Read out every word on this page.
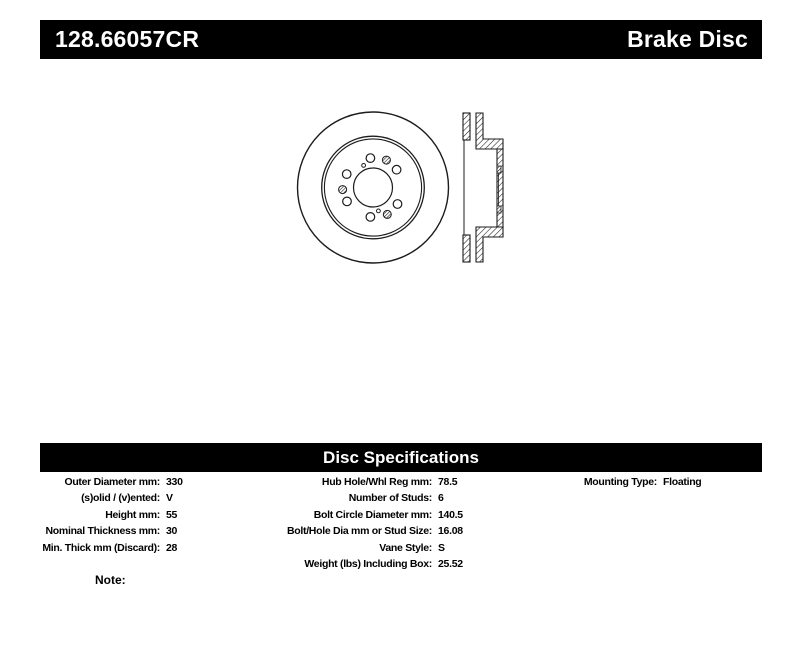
128.66057CR	Brake Disc
Disc Specifications
Outer Diameter mm: 330
(s)olid / (v)ented: V
Height mm: 55
Nominal Thickness mm: 30
Min. Thick mm (Discard): 28
Hub Hole/Whl Reg mm: 78.5
Number of Studs: 6
Bolt Circle Diameter mm: 140.5
Bolt/Hole Dia mm or Stud Size: 16.08
Vane Style: S
Weight (lbs) Including Box: 25.52
Mounting Type: Floating
Note:
